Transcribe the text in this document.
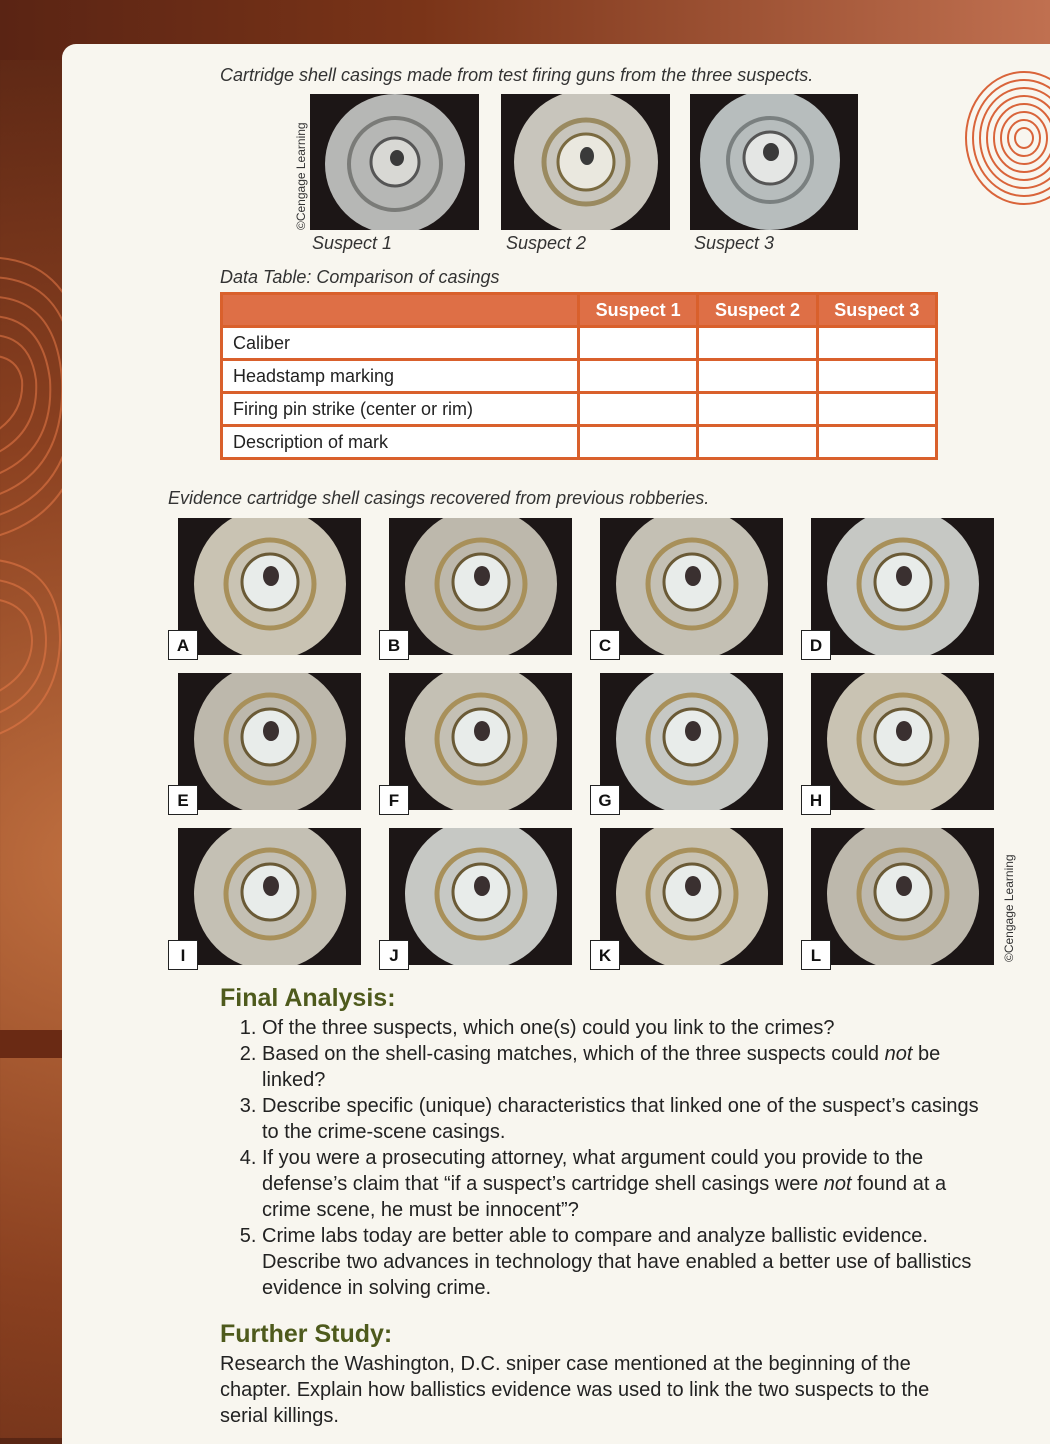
Cartridge shell casings made from test firing guns from the three suspects.
©Cengage Learning
Suspect 1	Suspect 2	Suspect 3
Data Table: Comparison of casings
	Suspect 1	Suspect 2	Suspect 3
Caliber			
Headstamp marking			
Firing pin strike (center or rim)			
Description of mark			
Evidence cartridge shell casings recovered from previous robberies.
A	B	C	D
E	F	G	H
I	J	K	L	©Cengage Learning
Final Analysis:
1. Of the three suspects, which one(s) could you link to the crimes?
2. Based on the shell-casing matches, which of the three suspects could not be linked?
3. Describe specific (unique) characteristics that linked one of the suspect’s casings to the crime-scene casings.
4. If you were a prosecuting attorney, what argument could you provide to the defense’s claim that “if a suspect’s cartridge shell casings were not found at a crime scene, he must be innocent”?
5. Crime labs today are better able to compare and analyze ballistic evidence. Describe two advances in technology that have enabled a better use of ballistics evidence in solving crime.
Further Study:
Research the Washington, D.C. sniper case mentioned at the beginning of the chapter. Explain how ballistics evidence was used to link the two suspects to the serial killings.
